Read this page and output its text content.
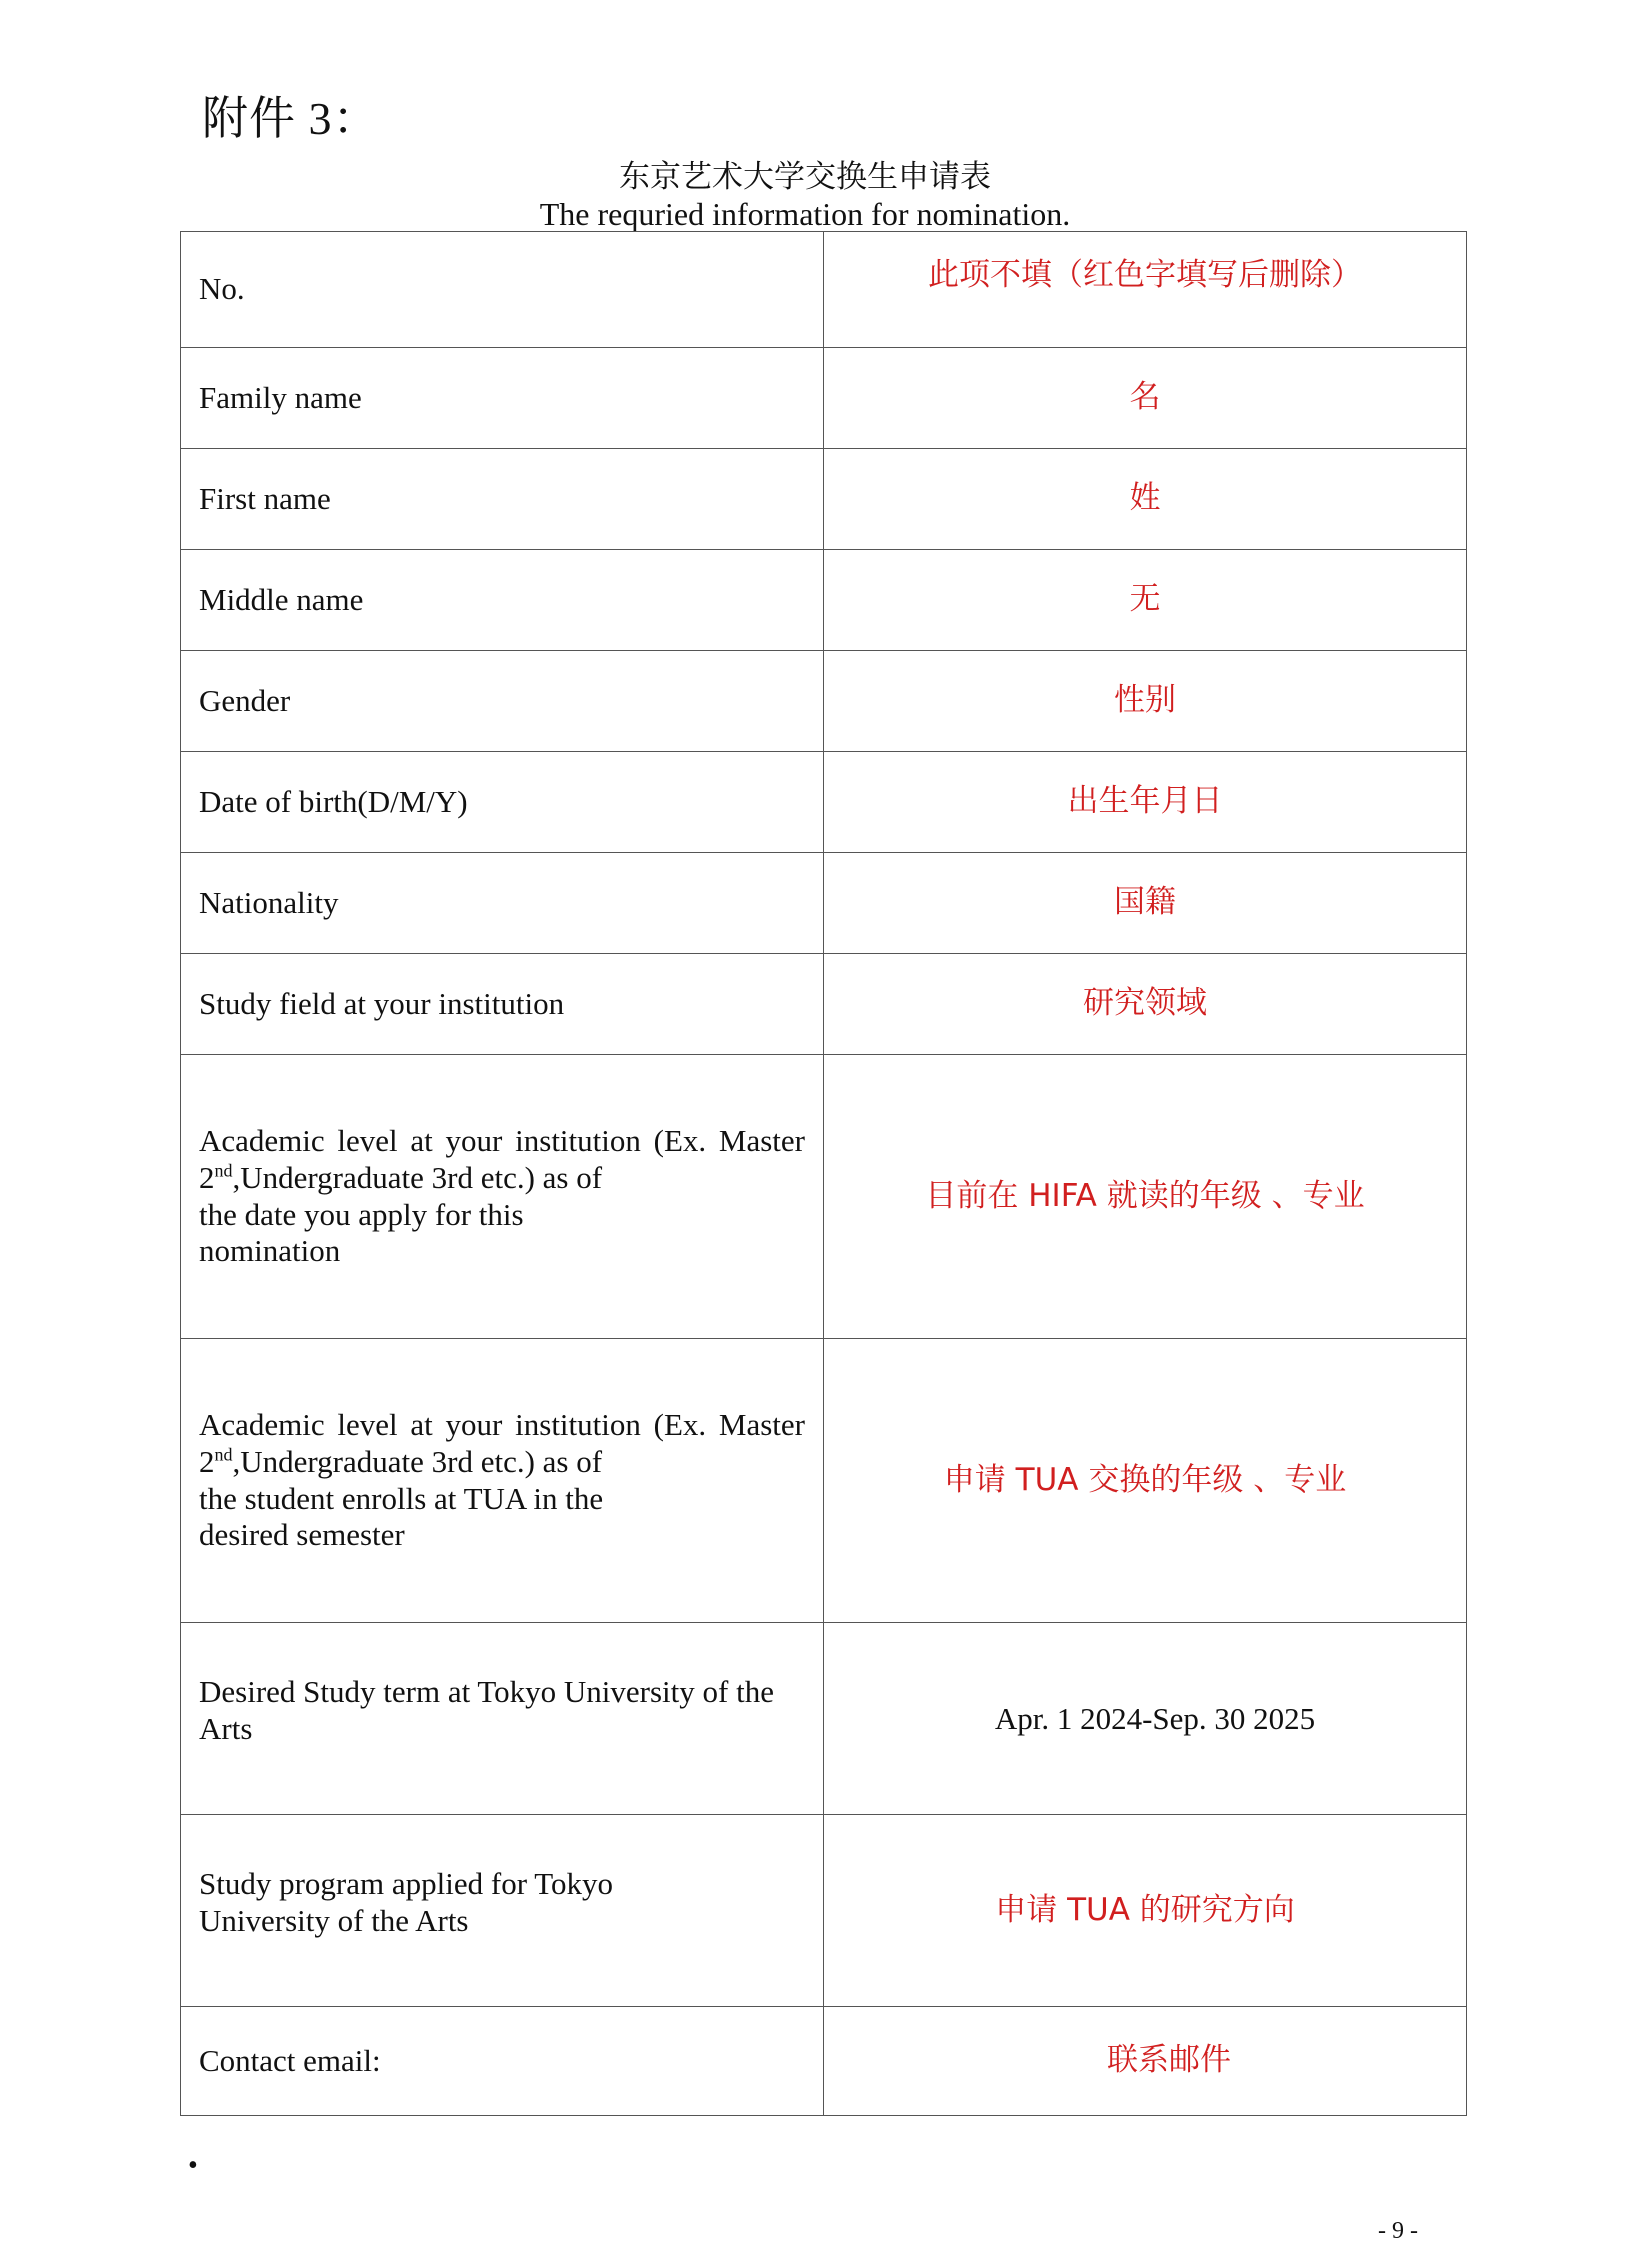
附件 3：
东京艺术大学交换生申请表
The requried information for nomination.
No.	此项不填（红色字填写后删除）
Family name	名
First name	姓
Middle name	无
Gender	性别
Date of birth(D/M/Y)	出生年月日
Nationality	国籍
Study field at your institution	研究领域

Academic level at your institution (Ex. Master 2nd,Undergraduate 3rd etc.) as of
the date you apply for this
nomination	目前在 HIFA 就读的年级 、专业

Academic level at your institution (Ex. Master 2nd,Undergraduate 3rd etc.) as of
the student enrolls at TUA in the
desired semester	申请 TUA 交换的年级 、专业

Desired Study term at Tokyo University of the Arts	Apr. 1 2024-Sep. 30 2025

Study program applied for Tokyo University of the Arts	申请 TUA 的研究方向
Contact email:	联系邮件
•
- 9 -
